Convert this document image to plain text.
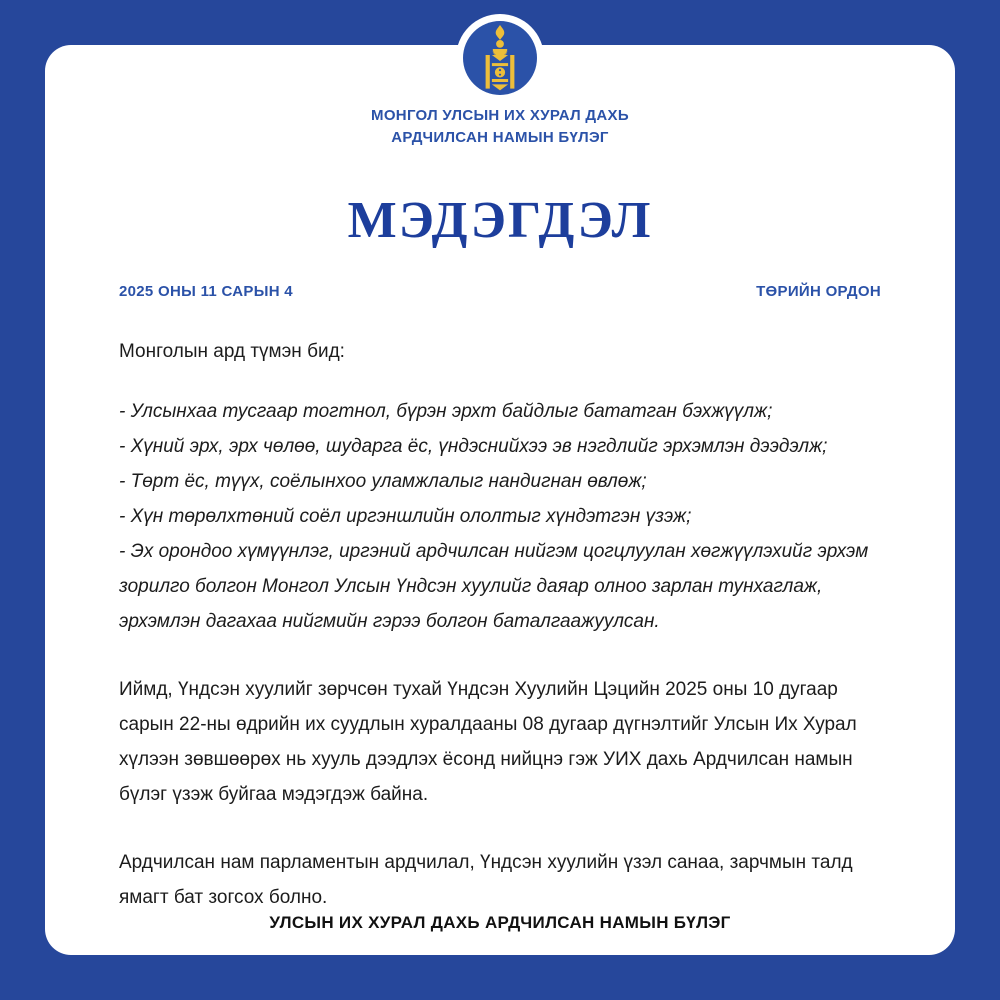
МОНГОЛ УЛСЫН ИХ ХУРАЛ ДАХЬ
АРДЧИЛСАН НАМЫН БҮЛЭГ
МЭДЭГДЭЛ
2025 ОНЫ 11 САРЫН 4	ТӨРИЙН ОРДОН

Монголын ард түмэн бид:

- Улсынхаа тусгаар тогтнол, бүрэн эрхт байдлыг бататган бэхжүүлж;

- Хүний эрх, эрх чөлөө, шударга ёс, үндэснийхээ эв нэгдлийг эрхэмлэн дээдэлж;

- Төрт ёс, түүх, соёлынхоо уламжлалыг нандигнан өвлөж;

- Хүн төрөлхтөний соёл иргэншлийн ололтыг хүндэтгэн үзэж;

- Эх орондоо хүмүүнлэг, иргэний ардчилсан нийгэм цогцлуулан хөгжүүлэхийг эрхэм зорилго болгон Монгол Улсын Үндсэн хуулийг даяар олноо зарлан тунхаглаж, эрхэмлэн дагахаа нийгмийн гэрээ болгон баталгаажуулсан.

Иймд, Үндсэн хуулийг зөрчсөн тухай Үндсэн Хуулийн Цэцийн 2025 оны 10 дугаар сарын 22-ны өдрийн их суудлын хуралдааны 08 дугаар дүгнэлтийг Улсын Их Хурал хүлээн зөвшөөрөх нь хууль дээдлэх ёсонд нийцнэ гэж УИХ дахь Ардчилсан намын бүлэг үзэж буйгаа мэдэгдэж байна.

Ардчилсан нам парламентын ардчилал, Үндсэн хуулийн үзэл санаа, зарчмын талд ямагт бат зогсох болно.

УЛСЫН ИХ ХУРАЛ ДАХЬ АРДЧИЛСАН НАМЫН БҮЛЭГ
